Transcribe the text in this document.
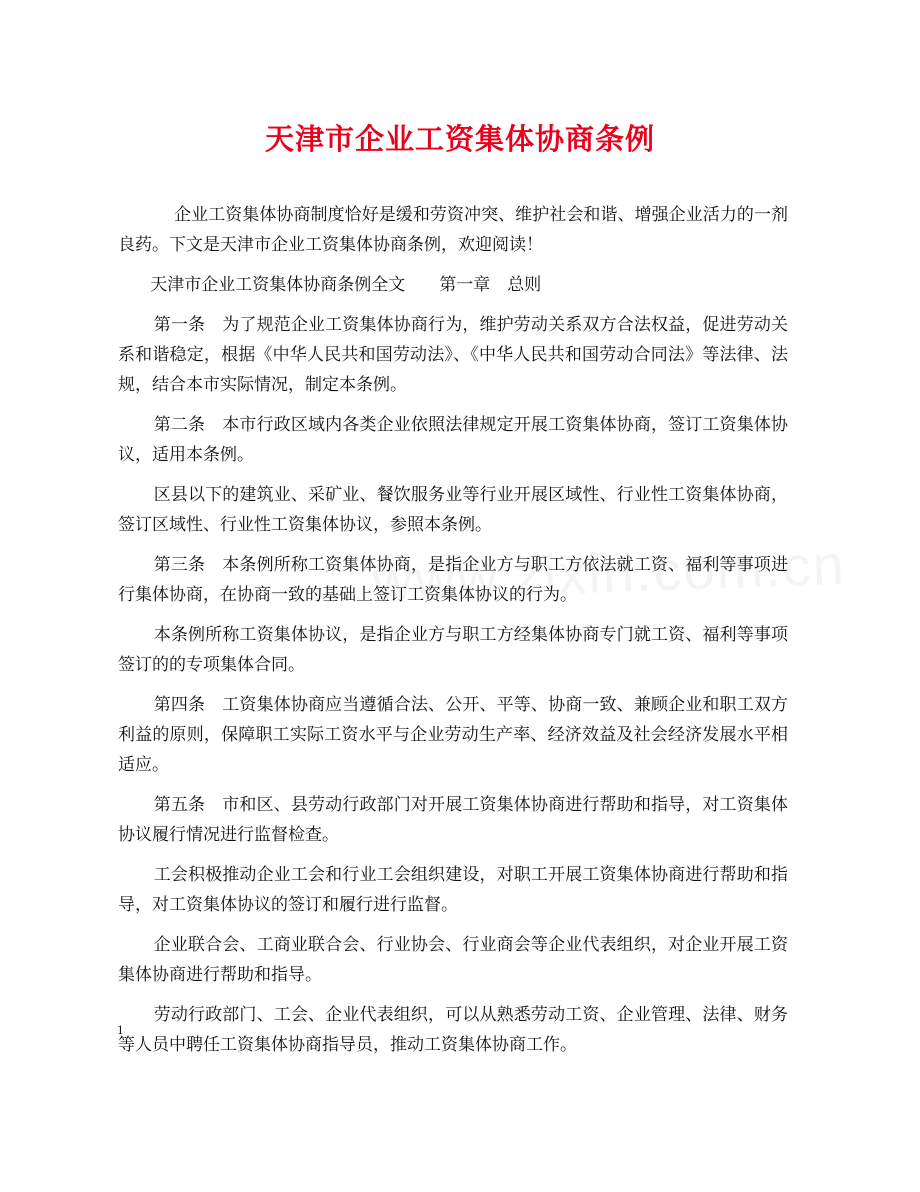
天津市企业工资集体协商条例

企业工资集体协商制度恰好是缓和劳资冲突、维护社会和谐、增强企业活力的一剂良药。下文是天津市企业工资集体协商条例，欢迎阅读！

天津市企业工资集体协商条例全文　　第一章　总则

第一条　为了规范企业工资集体协商行为，维护劳动关系双方合法权益，促进劳动关系和谐稳定，根据《中华人民共和国劳动法》、《中华人民共和国劳动合同法》等法律、法规，结合本市实际情况，制定本条例。

第二条　本市行政区域内各类企业依照法律规定开展工资集体协商，签订工资集体协议，适用本条例。

区县以下的建筑业、采矿业、餐饮服务业等行业开展区域性、行业性工资集体协商，签订区域性、行业性工资集体协议，参照本条例。

第三条　本条例所称工资集体协商，是指企业方与职工方依法就工资、福利等事项进行集体协商，在协商一致的基础上签订工资集体协议的行为。

本条例所称工资集体协议，是指企业方与职工方经集体协商专门就工资、福利等事项签订的的专项集体合同。

第四条　工资集体协商应当遵循合法、公开、平等、协商一致、兼顾企业和职工双方利益的原则，保障职工实际工资水平与企业劳动生产率、经济效益及社会经济发展水平相适应。

第五条　市和区、县劳动行政部门对开展工资集体协商进行帮助和指导，对工资集体协议履行情况进行监督检查。

工会积极推动企业工会和行业工会组织建设，对职工开展工资集体协商进行帮助和指导，对工资集体协议的签订和履行进行监督。

企业联合会、工商业联合会、行业协会、行业商会等企业代表组织，对企业开展工资集体协商进行帮助和指导。

劳动行政部门、工会、企业代表组织，可以从熟悉劳动工资、企业管理、法律、财务等人员中聘任工资集体协商指导员，推动工资集体协商工作。

1
